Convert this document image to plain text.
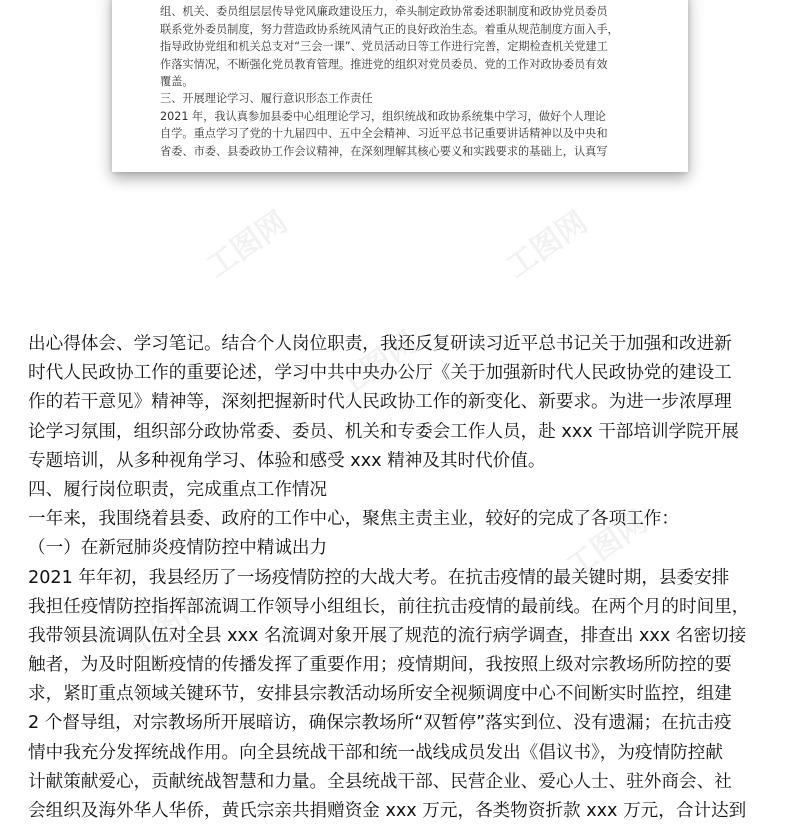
组、机关、委员组层层传导党风廉政建设压力，牵头制定政协常委述职制度和政协党员委员
联系党外委员制度，努力营造政协系统风清气正的良好政治生态。着重从规范制度方面入手，
指导政协党组和机关总支对“三会一课”、党员活动日等工作进行完善，定期检查机关党建工
作落实情况，不断强化党员教育管理。推进党的组织对党员委员、党的工作对政协委员有效
覆盖。
三、开展理论学习、履行意识形态工作责任
2021 年，我认真参加县委中心组理论学习，组织统战和政协系统集中学习，做好个人理论
自学。重点学习了党的十九届四中、五中全会精神、习近平总书记重要讲话精神以及中央和
省委、市委、县委政协工作会议精神，在深刻理解其核心要义和实践要求的基础上，认真写
工图网	工图网
工图网
工图网
工图网
出心得体会、学习笔记。结合个人岗位职责，我还反复研读习近平总书记关于加强和改进新
时代人民政协工作的重要论述，学习中共中央办公厅《关于加强新时代人民政协党的建设工
作的若干意见》精神等，深刻把握新时代人民政协工作的新变化、新要求。为进一步浓厚理
论学习氛围，组织部分政协常委、委员、机关和专委会工作人员，赴 xxx 干部培训学院开展
专题培训，从多种视角学习、体验和感受 xxx 精神及其时代价值。
四、履行岗位职责，完成重点工作情况
一年来，我围绕着县委、政府的工作中心，聚焦主责主业，较好的完成了各项工作：
（一）在新冠肺炎疫情防控中精诚出力
2021 年年初，我县经历了一场疫情防控的大战大考。在抗击疫情的最关键时期，县委安排
我担任疫情防控指挥部流调工作领导小组组长，前往抗击疫情的最前线。在两个月的时间里，
我带领县流调队伍对全县 xxx 名流调对象开展了规范的流行病学调查，排查出 xxx 名密切接
触者，为及时阻断疫情的传播发挥了重要作用；疫情期间，我按照上级对宗教场所防控的要
求，紧盯重点领域关键环节，安排县宗教活动场所安全视频调度中心不间断实时监控，组建
2 个督导组，对宗教场所开展暗访，确保宗教场所“双暂停”落实到位、没有遗漏；在抗击疫
情中我充分发挥统战作用。向全县统战干部和统一战线成员发出《倡议书》，为疫情防控献
计献策献爱心，贡献统战智慧和力量。全县统战干部、民营企业、爱心人士、驻外商会、社
会组织及海外华人华侨，黄氏宗亲共捐赠资金 xxx 万元，各类物资折款 xxx 万元，合计达到
